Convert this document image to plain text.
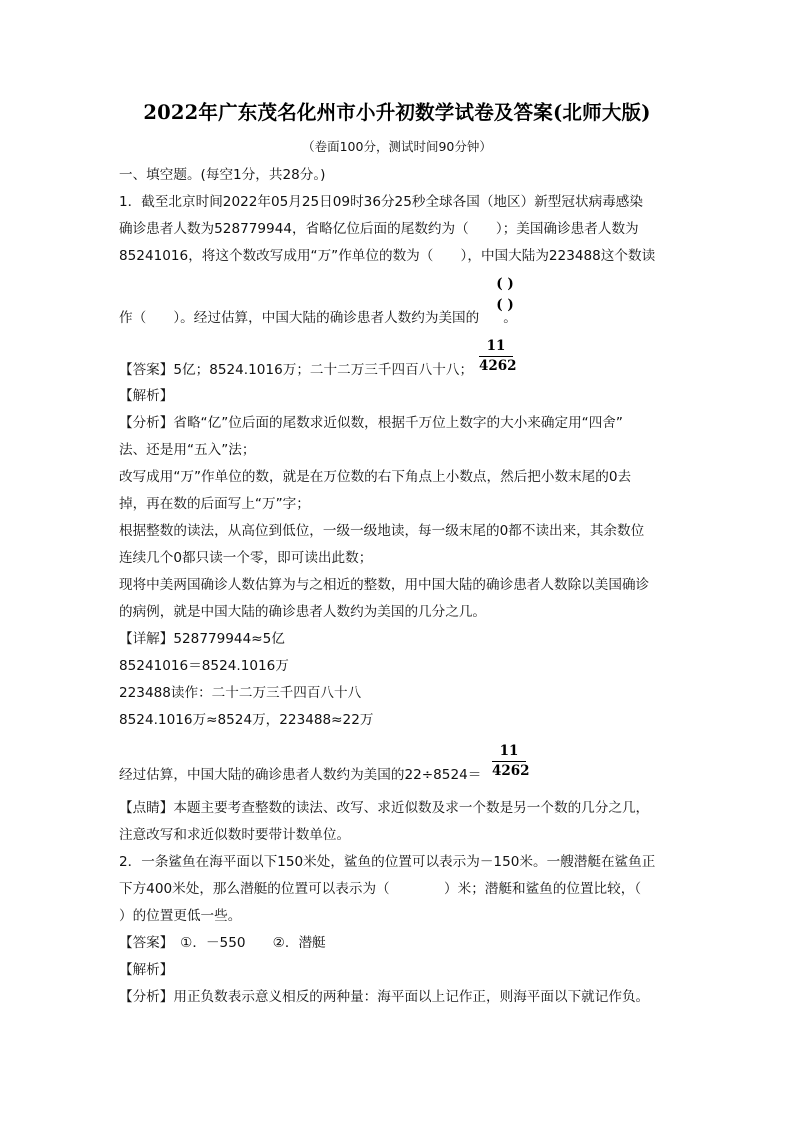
2022年广东茂名化州市小升初数学试卷及答案(北师大版)
（卷面100分，测试时间90分钟）
一、填空题。(每空1分，共28分。)
1．截至北京时间2022年05月25日09时36分25秒全球各国（地区）新型冠状病毒感染
确诊患者人数为528779944，省略亿位后面的尾数约为（　　）；美国确诊患者人数为
85241016，将这个数改写成用“万”作单位的数为（　　），中国大陆为223488这个数读
作（　　）。经过估算，中国大陆的确诊患者人数约为美国的 。
( )
( )
【答案】5亿；8524.1016万；二十二万三千四百八十八；
11
4262
【解析】
【分析】省略“亿”位后面的尾数求近似数，根据千万位上数字的大小来确定用“四舍”
法、还是用“五入”法；
改写成用“万”作单位的数，就是在万位数的右下角点上小数点，然后把小数末尾的0去
掉，再在数的后面写上“万”字；
根据整数的读法，从高位到低位，一级一级地读，每一级末尾的0都不读出来，其余数位
连续几个0都只读一个零，即可读出此数；
现将中美两国确诊人数估算为与之相近的整数，用中国大陆的确诊患者人数除以美国确诊
的病例，就是中国大陆的确诊患者人数约为美国的几分之几。
【详解】528779944≈5亿
85241016＝8524.1016万
223488读作：二十二万三千四百八十八
8524.1016万≈8524万，223488≈22万
经过估算，中国大陆的确诊患者人数约为美国的22÷8524＝
11
4262
【点睛】本题主要考查整数的读法、改写、求近似数及求一个数是另一个数的几分之几，
注意改写和求近似数时要带计数单位。
2．一条鲨鱼在海平面以下150米处，鲨鱼的位置可以表示为－150米。一艘潜艇在鲨鱼正
下方400米处，那么潜艇的位置可以表示为（　　　　）米；潜艇和鲨鱼的位置比较，（
）的位置更低一些。
【答案】　①．－550　　②．潜艇
【解析】
【分析】用正负数表示意义相反的两种量：海平面以上记作正，则海平面以下就记作负。
